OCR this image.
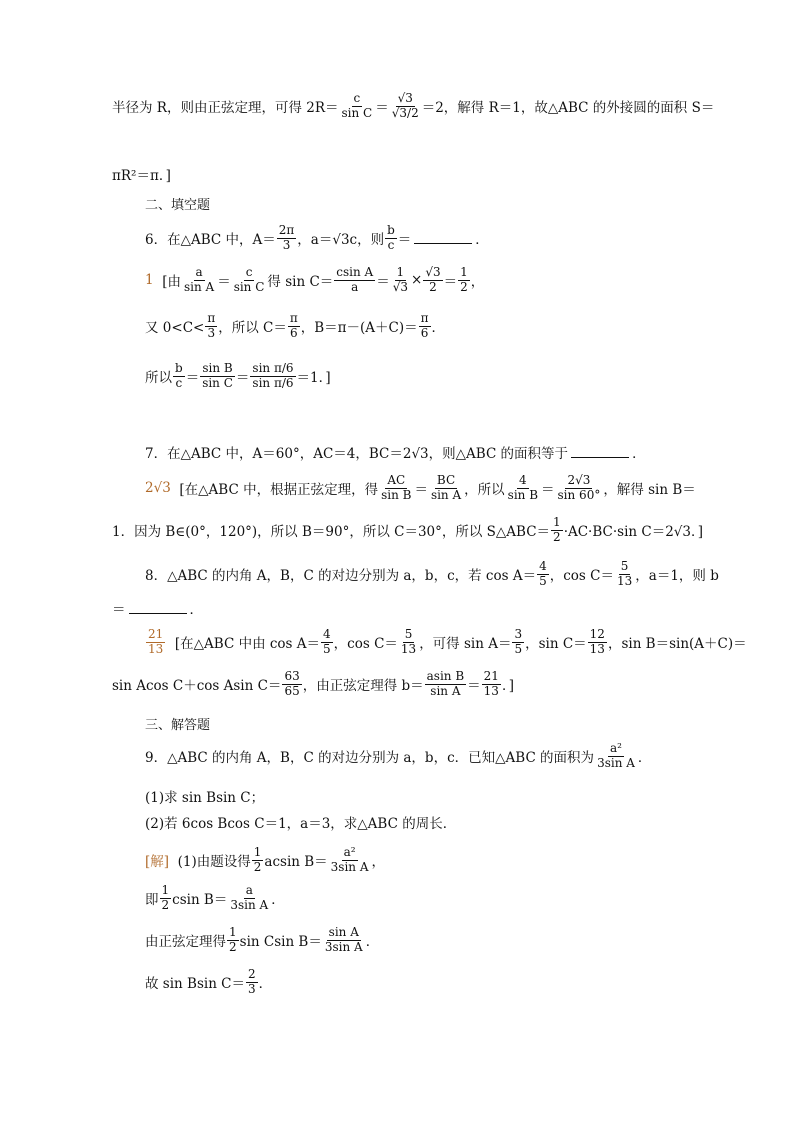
半径为 R，则由正弦定理，可得 $2R= \frac{c}{\text{sin C}} = \frac{√3}{√3/2} =2$，解得 R＝1，故△ABC 的外接圆的面积 S＝
πR²＝π．]
二、填空题
6．在△ABC 中，$A= \frac{2\pi}{3}$ ，a＝√3c，则 $\frac{b}{c}$ ＝	．
1
[由 $\frac{a}{\text{sin A}} = \frac{c}{\text{sin C}}$ 得 $\sin C= \frac{\text{csin A}}{a} = \frac{1}{√3} \times \frac{√3}{2} = \frac{1}{2}$ ，
又 $0<C< \frac{\pi}{3}$ ，所以 $C= \frac{\pi}{6}$ ，$B=\pi-(A+C)= \frac{\pi}{6}$ ．
所以 $\frac{b}{c} = \frac{\text{sin B}}{\text{sin C}} = \frac{\text{sin π/6}}{\text{sin π/6}} =1$．]
7．在△ABC 中，A＝60°，AC＝4，BC＝2√3，则△ABC 的面积等于	．
2√3
[在△ABC 中，根据正弦定理，得 $\frac{AC}{\text{sin B}} = \frac{BC}{\text{sin A}}$ ，所以 $\frac{4}{\text{sin B}} = \frac{2√3}{\sin 60^\circ}$ ，解得 sin B＝
1．因为 B∈(0°，120°)，所以 B＝90°，所以 C＝30°，所以 S△ABC＝ $\frac{1}{2} \cdot AC\cdot BC\cdot\sin$ C＝2√3．]
8．△ABC 的内角 A，B，C 的对边分别为 a，b，c，若 $\cos A= \frac{4}{5}$ ，$\cos C= \frac{5}{13}$ ，a＝1，则 b
＝	．
$\frac{21}{13}$
[在△ABC 中由 $\cos A= \frac{4}{5}$ ，$\cos C= \frac{5}{13}$ ，可得 $\sin A= \frac{3}{5}$ ，$\sin C= \frac{12}{13}$ ，sin B＝sin(A＋C)＝
sin Acos C＋cos Asin $C= \frac{63}{65}$ ，由正弦定理得 $b= \frac{\text{asin B}}{\text{sin A}} = \frac{21}{13}$ ．]
三、解答题
9．△ABC 的内角 A，B，C 的对边分别为 a，b，c．已知△ABC 的面积为 $\frac{\text{a²}}{\text{3sin A}}$ ．
(1)求 sin Bsin C；
(2)若 6cos Bcos C＝1，a＝3，求△ABC 的周长．
[解]
(1)由题设得 $\frac{1}{2}$ acsin $B= \frac{\text{a²}}{\text{3sin A}}$ ，
即 $\frac{1}{2}$ csin $B= \frac{a}{\text{3sin A}}$ ．
由正弦定理得 $\frac{1}{2}$ sin Csin $B= \frac{\text{sin A}}{\text{3sin A}}$ ．
故 sin Bsin $C= \frac{2}{3}$ ．
